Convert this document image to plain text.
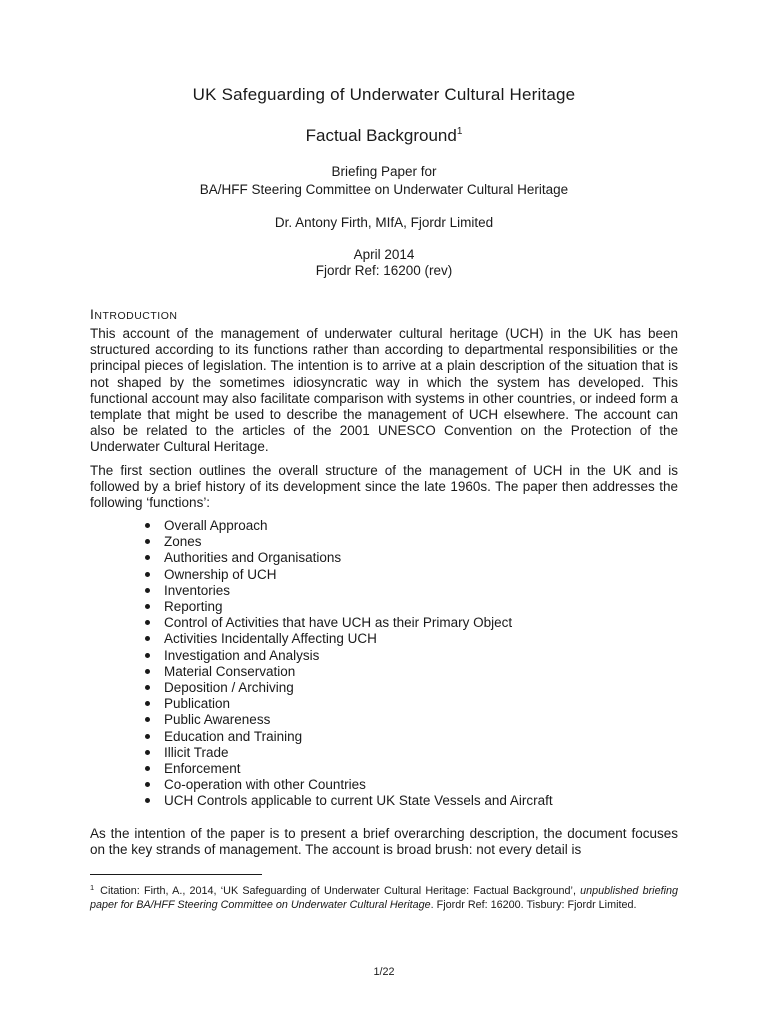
UK Safeguarding of Underwater Cultural Heritage
Factual Background$^1$
Briefing Paper for
BA/HFF Steering Committee on Underwater Cultural Heritage
Dr. Antony Firth, MIfA, Fjordr Limited
April 2014
Fjordr Ref: 16200 (rev)
INTRODUCTION

This account of the management of underwater cultural heritage (UCH) in the UK has been structured according to its functions rather than according to departmental responsibilities or the principal pieces of legislation. The intention is to arrive at a plain description of the situation that is not shaped by the sometimes idiosyncratic way in which the system has developed. This functional account may also facilitate comparison with systems in other countries, or indeed form a template that might be used to describe the management of UCH elsewhere. The account can also be related to the articles of the 2001 UNESCO Convention on the Protection of the Underwater Cultural Heritage.

The first section outlines the overall structure of the management of UCH in the UK and is followed by a brief history of its development since the late 1960s. The paper then addresses the following ‘functions’:

Overall Approach
Zones
Authorities and Organisations
Ownership of UCH
Inventories
Reporting
Control of Activities that have UCH as their Primary Object
Activities Incidentally Affecting UCH
Investigation and Analysis
Material Conservation
Deposition / Archiving
Publication
Public Awareness
Education and Training
Illicit Trade
Enforcement
Co-operation with other Countries
UCH Controls applicable to current UK State Vessels and Aircraft

As the intention of the paper is to present a brief overarching description, the document focuses on the key strands of management. The account is broad brush: not every detail is

$^1$ Citation: Firth, A., 2014, ‘UK Safeguarding of Underwater Cultural Heritage: Factual Background’, unpublished briefing paper for BA/HFF Steering Committee on Underwater Cultural Heritage. Fjordr Ref: 16200. Tisbury: Fjordr Limited.

1/22
